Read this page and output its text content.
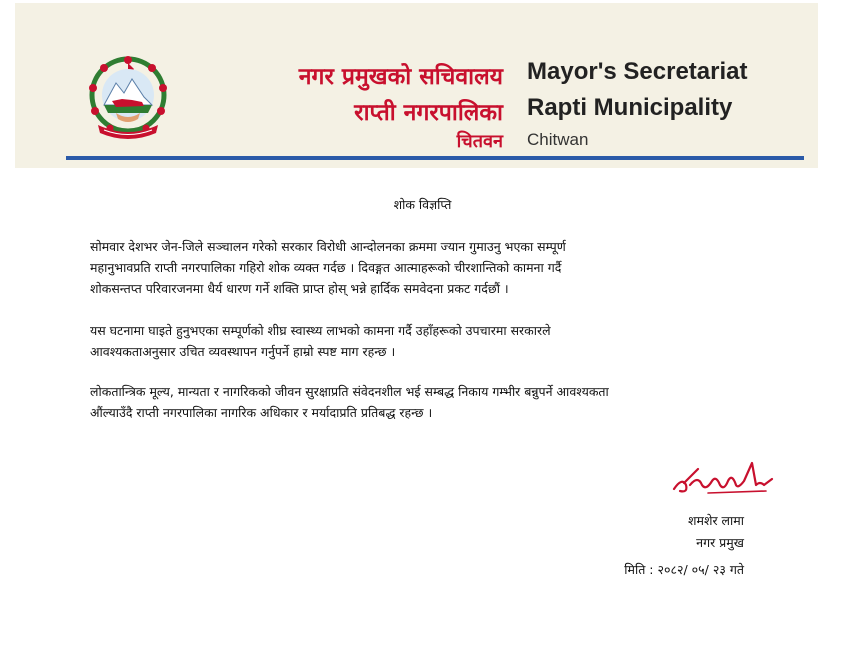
नगर प्रमुखको सचिवालय
राप्ती नगरपालिका
चितवन
Mayor's Secretariat
Rapti Municipality
Chitwan
शोक विज्ञप्ति
सोमवार देशभर जेन-जिले सञ्चालन गरेको सरकार विरोधी आन्दोलनका क्रममा ज्यान गुमाउनु भएका सम्पूर्ण
महानुभावप्रति राप्ती नगरपालिका गहिरो शोक व्यक्त गर्दछ । दिवङ्गत आत्माहरूको चीरशान्तिको कामना गर्दै
शोकसन्तप्त परिवारजनमा धैर्य धारण गर्ने शक्ति प्राप्त होस् भन्ने हार्दिक समवेदना प्रकट गर्दछौं ।
यस घटनामा घाइते हुनुभएका सम्पूर्णको शीघ्र स्वास्थ्य लाभको कामना गर्दै उहाँहरूको उपचारमा सरकारले
आवश्यकताअनुसार उचित व्यवस्थापन गर्नुपर्ने हाम्रो स्पष्ट माग रहन्छ ।
लोकतान्त्रिक मूल्य, मान्यता र नागरिकको जीवन सुरक्षाप्रति संवेदनशील भई सम्बद्ध निकाय गम्भीर बन्नुपर्ने आवश्यकता
औंल्याउँदै राप्ती नगरपालिका नागरिक अधिकार र मर्यादाप्रति प्रतिबद्ध रहन्छ ।
शमशेर लामा
नगर प्रमुख
मिति : २०८२/ ०५/ २३ गते
